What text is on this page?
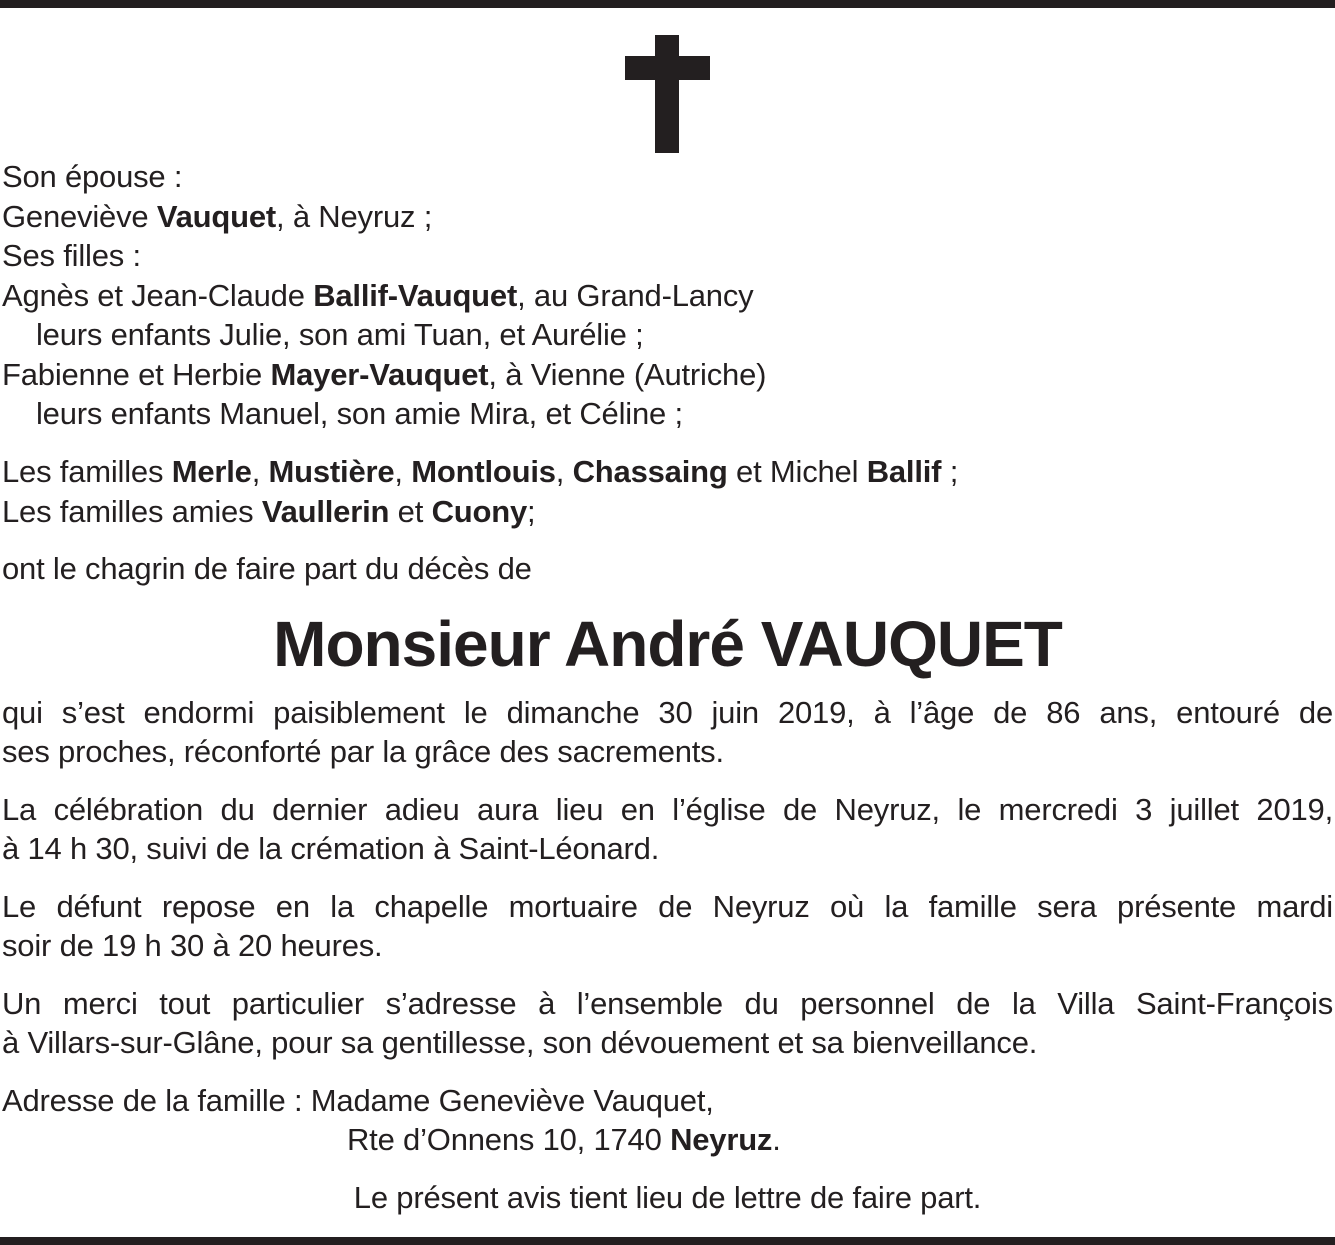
Son épouse :
Geneviève Vauquet, à Neyruz ;
Ses filles :
Agnès et Jean-Claude Ballif-Vauquet, au Grand-Lancy
leurs enfants Julie, son ami Tuan, et Aurélie ;
Fabienne et Herbie Mayer-Vauquet, à Vienne (Autriche)
leurs enfants Manuel, son amie Mira, et Céline ;
Les familles Merle, Mustière, Montlouis, Chassaing et Michel Ballif ;
Les familles amies Vaullerin et Cuony;
ont le chagrin de faire part du décès de
Monsieur André VAUQUET
qui s’est endormi paisiblement le dimanche 30 juin 2019, à l’âge de 86 ans, entouré de
ses proches, réconforté par la grâce des sacrements.
La célébration du dernier adieu aura lieu en l’église de Neyruz, le mercredi 3 juillet 2019,
à 14 h 30, suivi de la crémation à Saint-Léonard.
Le défunt repose en la chapelle mortuaire de Neyruz où la famille sera présente mardi
soir de 19 h 30 à 20 heures.
Un merci tout particulier s’adresse à l’ensemble du personnel de la Villa Saint-François
à Villars-sur-Glâne, pour sa gentillesse, son dévouement et sa bienveillance.
Adresse de la famille : Madame Geneviève Vauquet,
Rte d’Onnens 10, 1740 Neyruz.
Le présent avis tient lieu de lettre de faire part.
